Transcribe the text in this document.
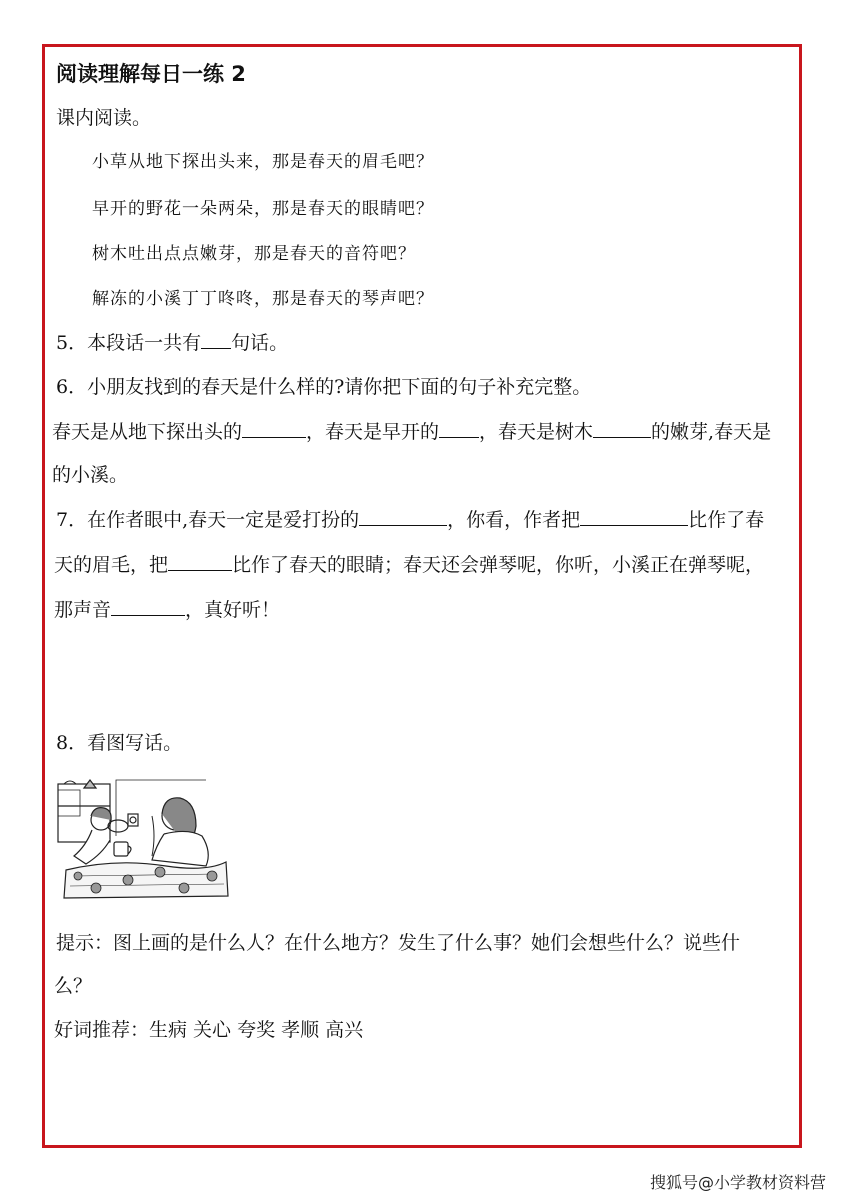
阅读理解每日一练 2
课内阅读。
小草从地下探出头来，那是春天的眉毛吧？
早开的野花一朵两朵，那是春天的眼睛吧？
树木吐出点点嫩芽，那是春天的音符吧？
解冻的小溪丁丁咚咚，那是春天的琴声吧？
5．本段话一共有 句话。
6．小朋友找到的春天是什么样的?请你把下面的句子补充完整。
春天是从地下探出头的	，春天是早开的 ，春天是树木	的嫩芽,春天是
的小溪。
7．在作者眼中,春天一定是爱打扮的	，你看，作者把	比作了春
天的眉毛，把	比作了春天的眼睛；春天还会弹琴呢，你听，小溪正在弹琴呢，
那声音	，真好听！
8．看图写话。
提示：图上画的是什么人？在什么地方？发生了什么事？她们会想些什么？说些什
么？
好词推荐：生病 关心 夸奖 孝顺 高兴
搜狐号@小学教材资料营
